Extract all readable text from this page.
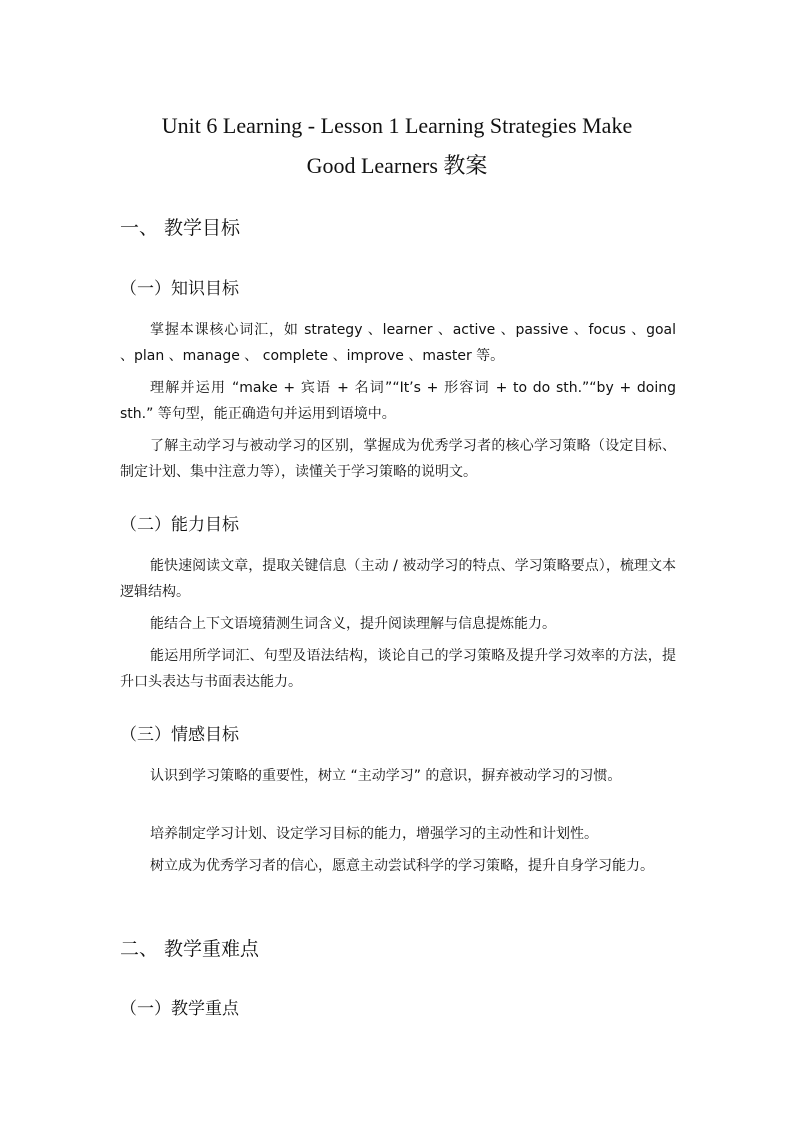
Unit 6 Learning - Lesson 1 Learning Strategies Make
Good Learners 教案
一、 教学目标
（一）知识目标

掌握本课核心词汇，如 strategy 、learner 、active 、passive 、focus 、goal 、plan 、manage 、 complete 、improve 、master 等。

理解并运用 “make + 宾语 + 名词”“It’s + 形容词 + to do sth.”“by + doing sth.” 等句型，能正确造句并运用到语境中。

了解主动学习与被动学习的区别，掌握成为优秀学习者的核心学习策略（设定目标、制定计划、集中注意力等），读懂关于学习策略的说明文。

（二）能力目标

能快速阅读文章，提取关键信息（主动 / 被动学习的特点、学习策略要点），梳理文本逻辑结构。

能结合上下文语境猜测生词含义，提升阅读理解与信息提炼能力。

能运用所学词汇、句型及语法结构，谈论自己的学习策略及提升学习效率的方法，提升口头表达与书面表达能力。

（三）情感目标

认识到学习策略的重要性，树立 “主动学习” 的意识，摒弃被动学习的习惯。

培养制定学习计划、设定学习目标的能力，增强学习的主动性和计划性。

树立成为优秀学习者的信心，愿意主动尝试科学的学习策略，提升自身学习能力。

二、 教学重难点
（一）教学重点
